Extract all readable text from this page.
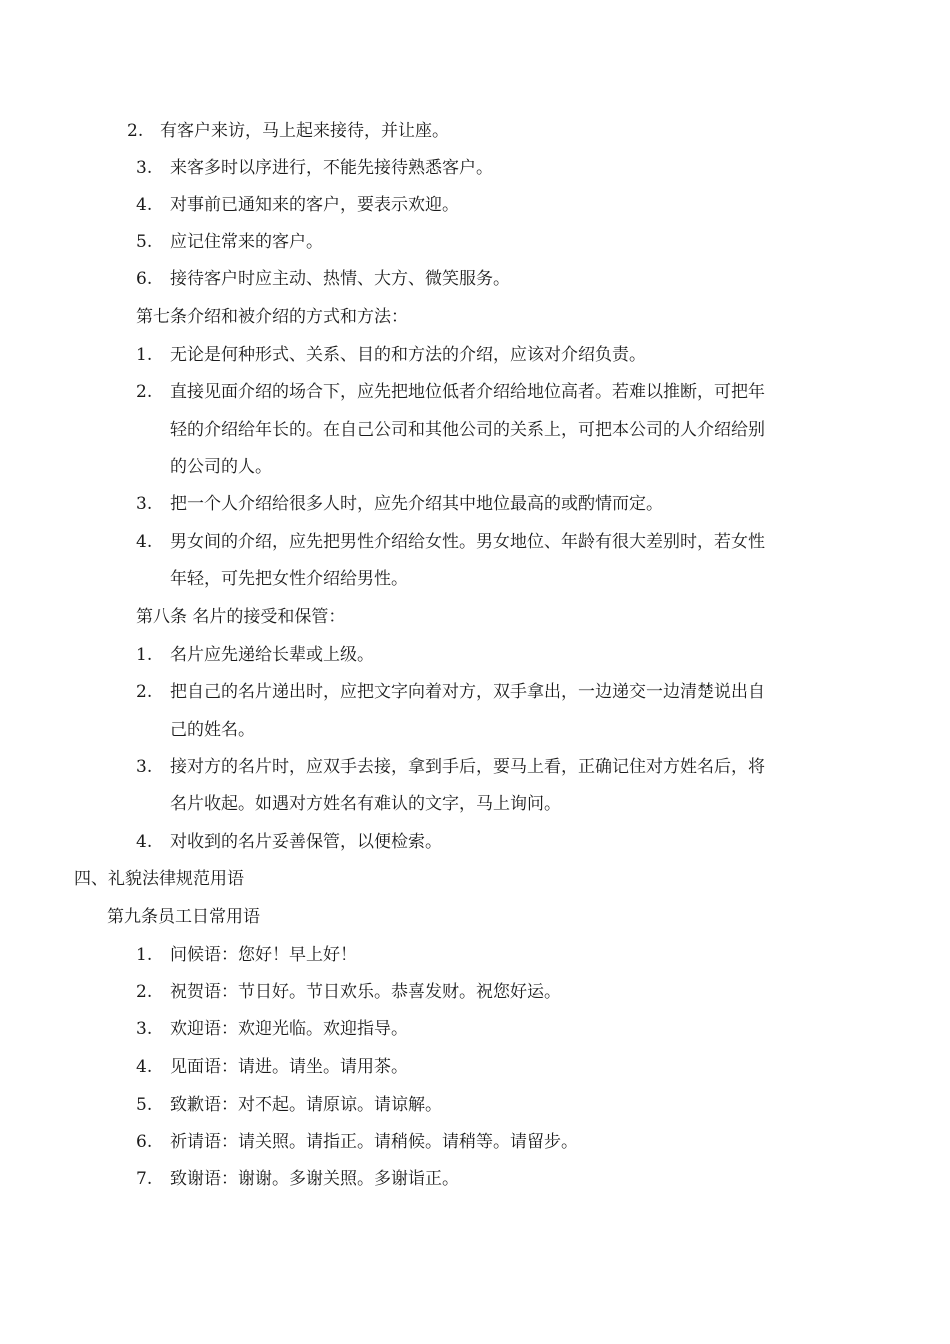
2. 有客户来访，马上起来接待，并让座。
3. 来客多时以序进行，不能先接待熟悉客户。
4. 对事前已通知来的客户，要表示欢迎。
5. 应记住常来的客户。
6. 接待客户时应主动、热情、大方、微笑服务。
第七条介绍和被介绍的方式和方法：
1. 无论是何种形式、关系、目的和方法的介绍，应该对介绍负责。
2. 直接见面介绍的场合下，应先把地位低者介绍给地位高者。若难以推断，可把年
轻的介绍给年长的。在自己公司和其他公司的关系上，可把本公司的人介绍给别
的公司的人。
3. 把一个人介绍给很多人时，应先介绍其中地位最高的或酌情而定。
4. 男女间的介绍，应先把男性介绍给女性。男女地位、年龄有很大差别时，若女性
年轻，可先把女性介绍给男性。
第八条 名片的接受和保管：
1. 名片应先递给长辈或上级。
2. 把自己的名片递出时，应把文字向着对方，双手拿出，一边递交一边清楚说出自
己的姓名。
3. 接对方的名片时，应双手去接，拿到手后，要马上看，正确记住对方姓名后，将
名片收起。如遇对方姓名有难认的文字，马上询问。
4. 对收到的名片妥善保管，以便检索。
四、礼貌法律规范用语
第九条员工日常用语
1. 问候语：您好！早上好！
2. 祝贺语：节日好。节日欢乐。恭喜发财。祝您好运。
3. 欢迎语：欢迎光临。欢迎指导。
4. 见面语：请进。请坐。请用茶。
5. 致歉语：对不起。请原谅。请谅解。
6. 祈请语：请关照。请指正。请稍候。请稍等。请留步。
7. 致谢语：谢谢。多谢关照。多谢诣正。
